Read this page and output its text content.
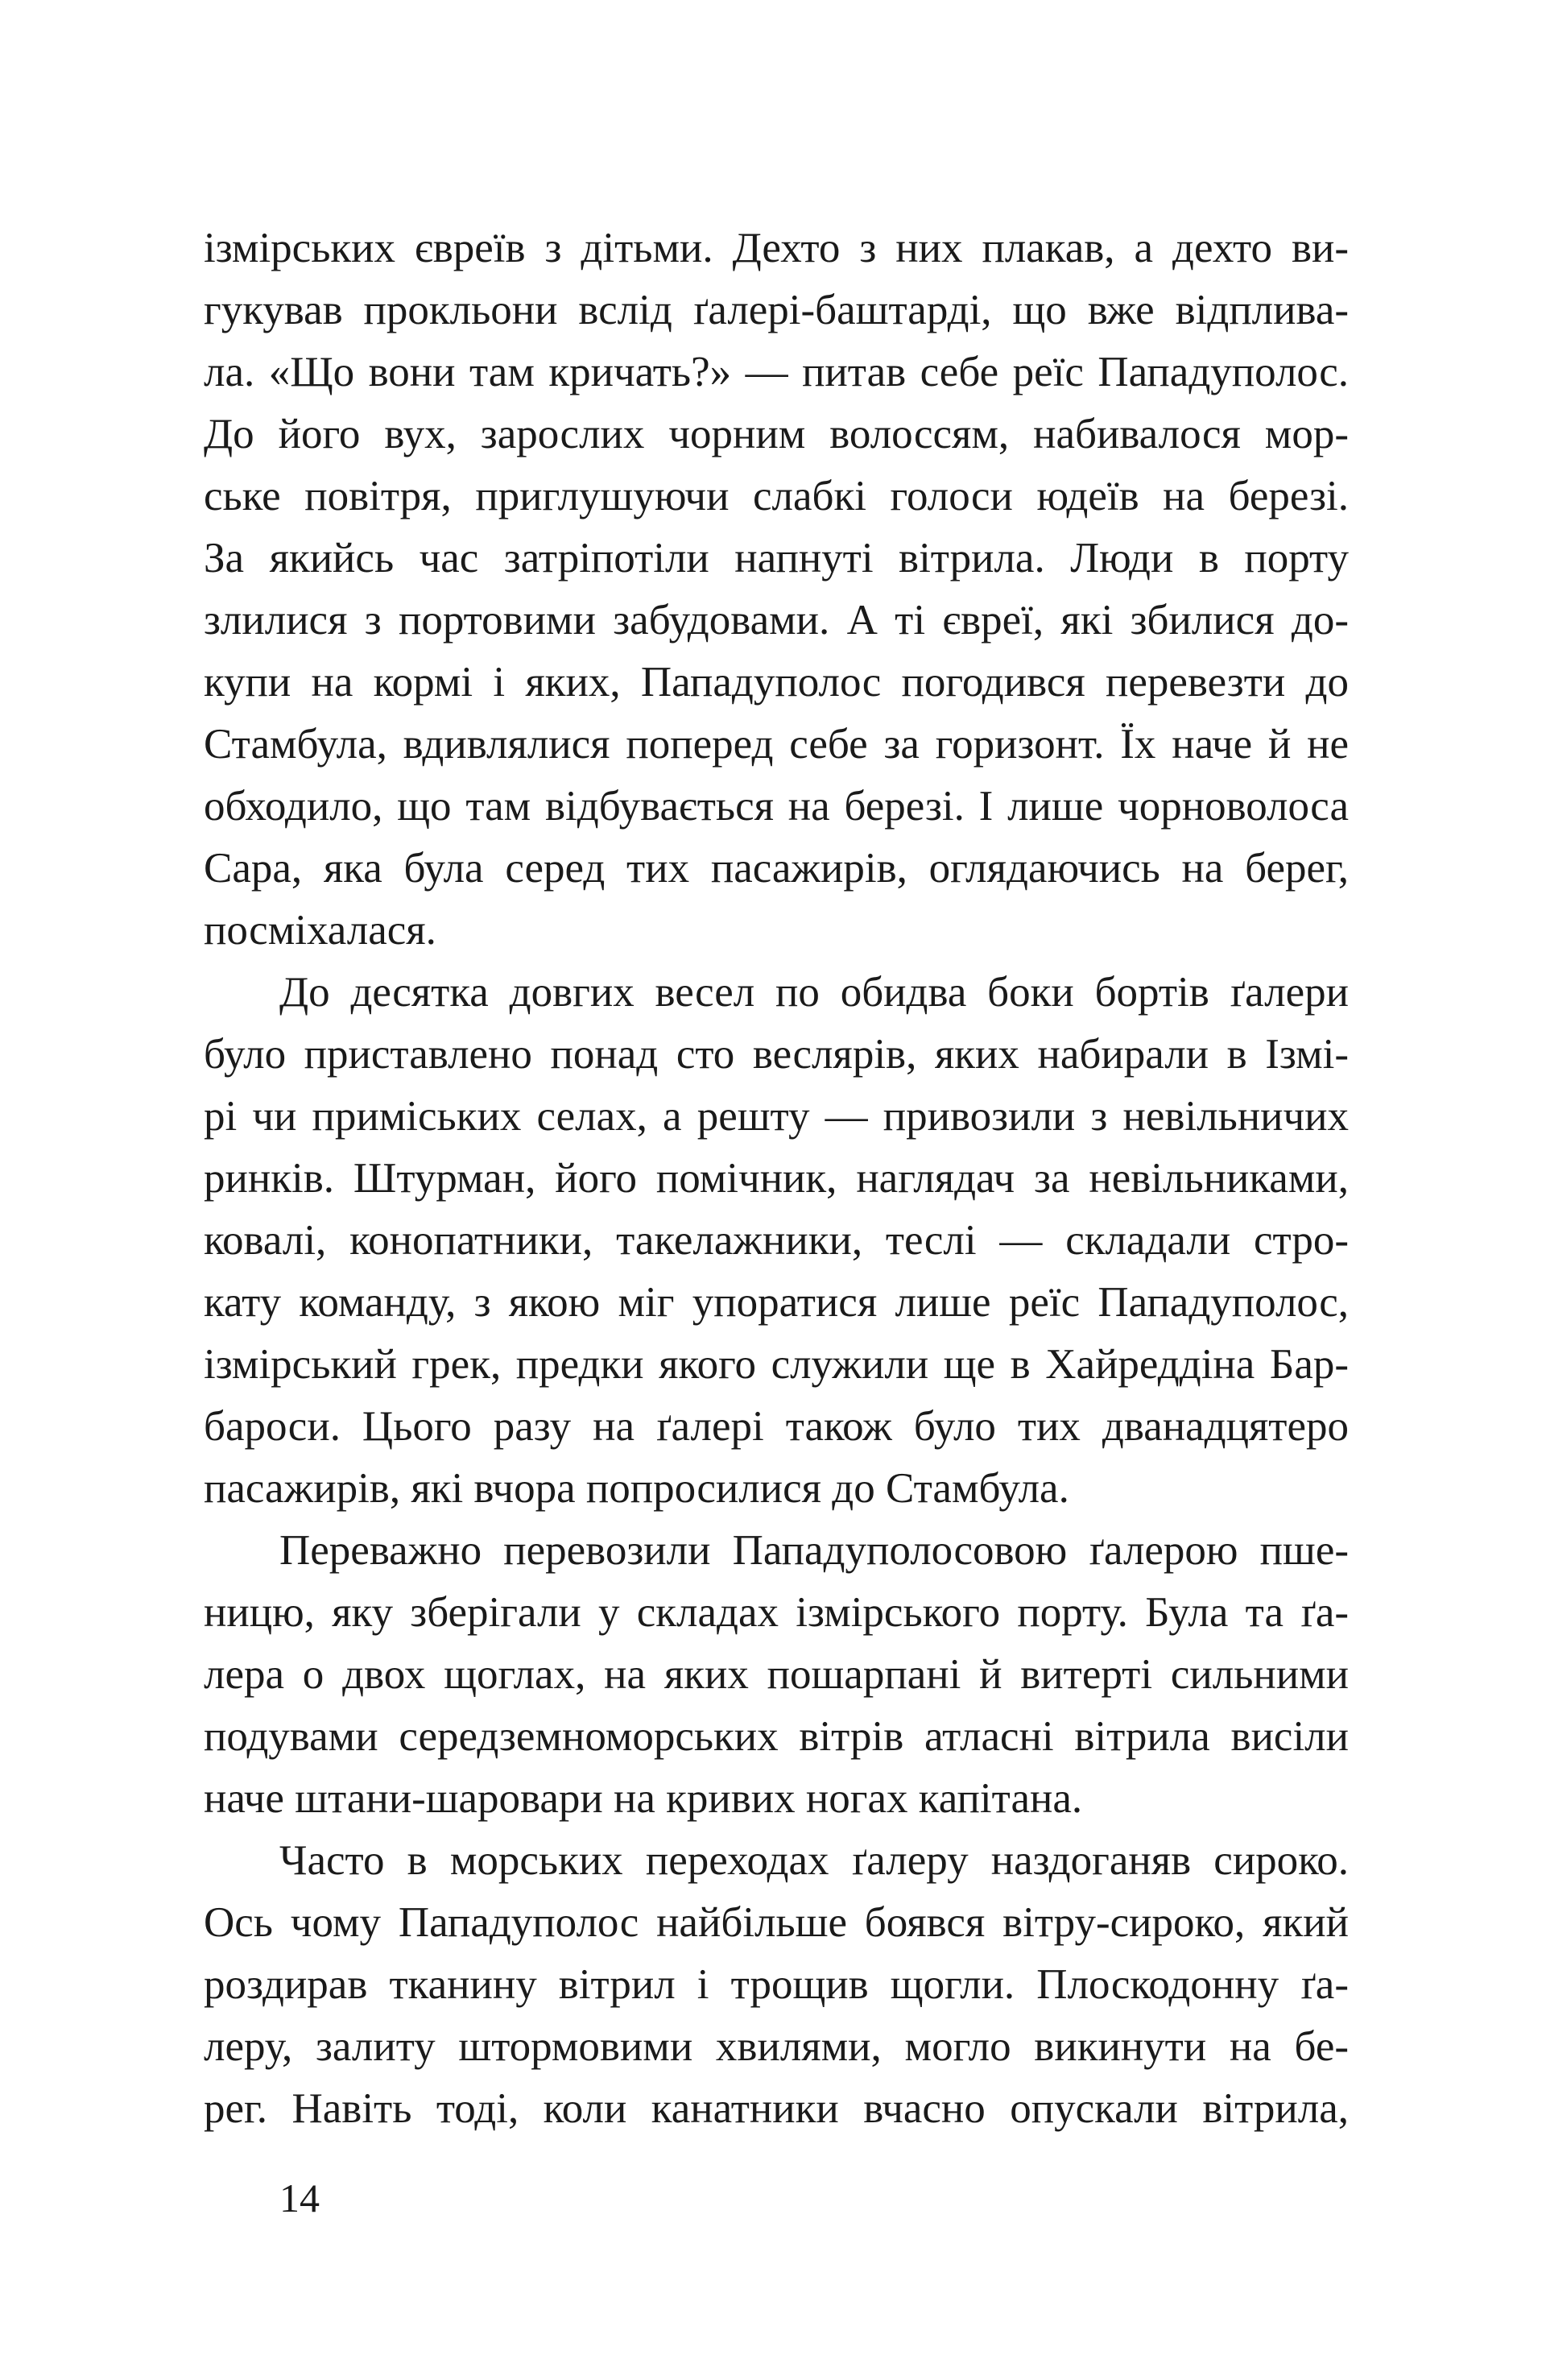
ізмірських євреїв з дітьми. Дехто з них плакав, а дехто ви-
гукував прокльони вслід ґалері-баштарді, що вже відплива-
ла. «Що вони там кричать?» — питав себе реїс Пападуполос.
До його вух, зарослих чорним волоссям, набивалося мор-
ське повітря, приглушуючи слабкі голоси юдеїв на березі.
За якийсь час затріпотіли напнуті вітрила. Люди в порту
злилися з портовими забудовами. А ті євреї, які збилися до-
купи на кормі і яких, Пападуполос погодився перевезти до
Стамбула, вдивлялися поперед себе за горизонт. Їх наче й не
обходило, що там відбувається на березі. І лише чорноволоса
Сара, яка була серед тих пасажирів, оглядаючись на берег,
посміхалася.
До десятка довгих весел по обидва боки бортів ґалери
було приставлено понад сто веслярів, яких набирали в Ізмі-
рі чи приміських селах, а решту — привозили з невільничих
ринків. Штурман, його помічник, наглядач за невільниками,
ковалі, конопатники, такелажники, теслі — складали стро-
кату команду, з якою міг упоратися лише реїс Пападуполос,
ізмірський грек, предки якого служили ще в Хайреддіна Бар-
бароси. Цього разу на ґалері також було тих дванадцятеро
пасажирів, які вчора попросилися до Стамбула.
Переважно перевозили Пападуполосовою ґалерою пше-
ницю, яку зберігали у складах ізмірського порту. Була та ґа-
лера о двох щоглах, на яких пошарпані й витерті сильними
подувами середземноморських вітрів атласні вітрила висіли
наче штани-шаровари на кривих ногах капітана.
Часто в морських переходах ґалеру наздоганяв сироко.
Ось чому Пападуполос найбільше боявся вітру-сироко, який
роздирав тканину вітрил і трощив щогли. Плоскодонну ґа-
леру, залиту штормовими хвилями, могло викинути на бе-
рег. Навіть тоді, коли канатники вчасно опускали вітрила,
14
